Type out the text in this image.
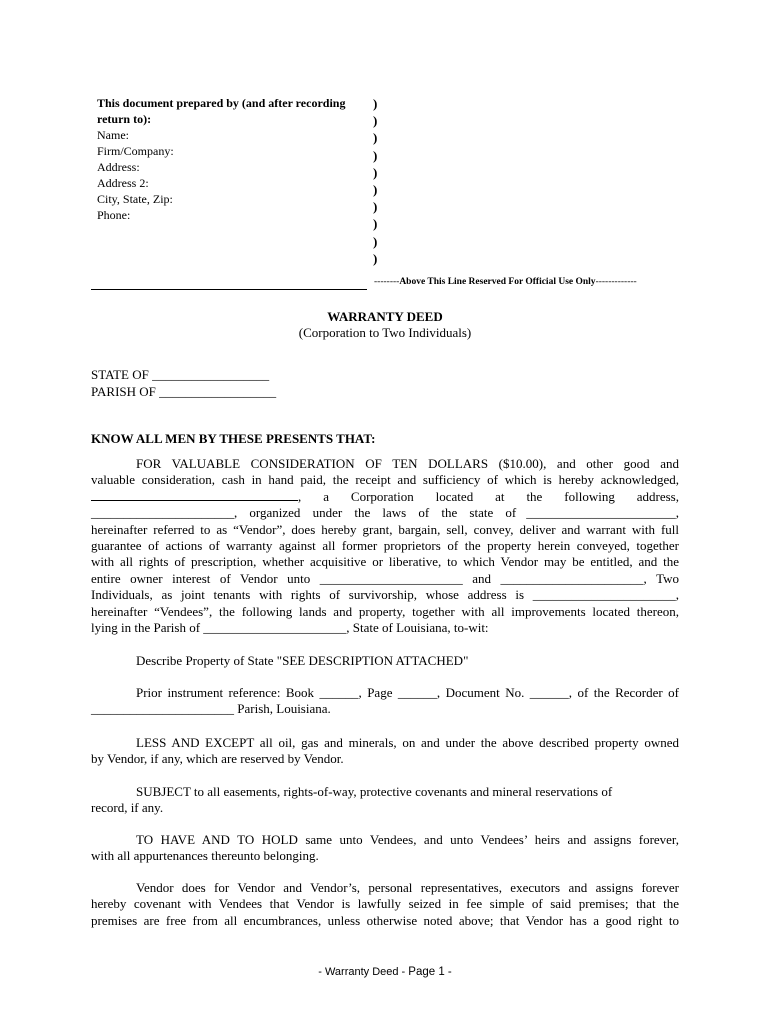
This document prepared by (and after recording
return to):
Name:
Firm/Company:
Address:
Address 2:
City, State, Zip:
Phone:
)
)
)
)
)
)
)
)
)
)
--------Above This Line Reserved For Official Use Only-------------
WARRANTY DEED
(Corporation to Two Individuals)
STATE OF __________________
PARISH OF __________________
KNOW ALL MEN BY THESE PRESENTS THAT:
FOR VALUABLE CONSIDERATION OF TEN DOLLARS ($10.00), and other good and
valuable consideration, cash in hand paid, the receipt and sufficiency of which is hereby acknowledged,
, a Corporation located at the following address,
______________________, organized under the laws of the state of _______________________,
hereinafter referred to as “Vendor”, does hereby grant, bargain, sell, convey, deliver and warrant with full
guarantee of actions of warranty against all former proprietors of the property herein conveyed, together
with all rights of prescription, whether acquisitive or liberative, to which Vendor may be entitled, and the
entire owner interest of Vendor unto ______________________ and ______________________, Two
Individuals, as joint tenants with rights of survivorship, whose address is ______________________,
hereinafter “Vendees”, the following lands and property, together with all improvements located thereon,
lying in the Parish of ______________________, State of Louisiana, to-wit:
Describe Property of State "SEE DESCRIPTION ATTACHED"
Prior instrument reference: Book ______, Page ______, Document No. ______, of the Recorder of
______________________ Parish, Louisiana.
LESS AND EXCEPT all oil, gas and minerals, on and under the above described property owned
by Vendor, if any, which are reserved by Vendor.
SUBJECT to all easements, rights-of-way, protective covenants and mineral reservations of
record, if any.
TO HAVE AND TO HOLD same unto Vendees, and unto Vendees’ heirs and assigns forever,
with all appurtenances thereunto belonging.
Vendor does for Vendor and Vendor’s, personal representatives, executors and assigns forever
hereby covenant with Vendees that Vendor is lawfully seized in fee simple of said premises; that the
premises are free from all encumbrances, unless otherwise noted above; that Vendor has a good right to
- Warranty Deed - Page 1 -
